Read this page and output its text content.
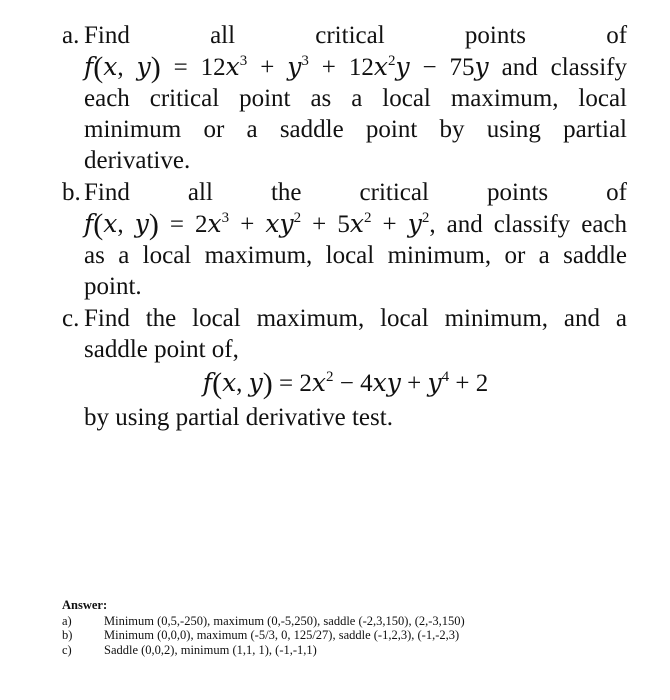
a. Find	all	critical	points	of
f(x, $y) = 12x^3 + y^3 + 12x^2y - 75y$ and classify
each critical point as a local maximum, local minimum or a saddle point by using partial derivative.
b. Find all the critical points of
f(x, $y) = 2x^3 + xy^2 + 5x^2 + y^2$, and classify each
as a local maximum, local minimum, or a saddle point.
c. Find the local maximum, local minimum, and a saddle point of,
f(x, $y) = 2x^2 - 4xy + y^4 + 2$
by using partial derivative test.
Answer:
a)	Minimum (0,5,-250), maximum (0,-5,250), saddle (-2,3,150), (2,-3,150)
b)	Minimum (0,0,0), maximum (-5/3, 0, 125/27), saddle (-1,2,3), (-1,-2,3)
c)	Saddle (0,0,2), minimum (1,1, 1), (-1,-1,1)
